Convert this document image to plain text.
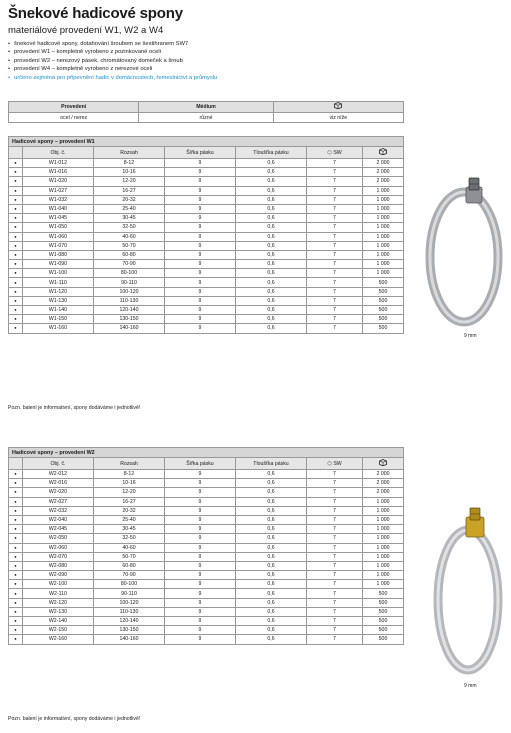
Šnekové hadicové spony
materiálové provedení W1, W2 a W4
• šnekové hadicové spony, dotahování šroubem se šestihranem SW7
• provedení W1 – kompletně vyrobeno z pozinkované oceli
• provedení W2 – nerezový pásek, chromátovaný domeček a šroub
• provedení W4 – kompletně vyrobeno z nerezové oceli
• určeno zejména pro připevnění hadic v domácnostech, řemeslnictví a průmyslu
Provedení	Médium	
ocel / nerez	různé	viz níže
Hadicové spony – provedení W1						
	Obj. č.	Rozsah	Šířka pásku	Tloušťka pásku	⬡ SW	
●	W1-012	8-12	9	0,6	7	2 000
●	W1-016	10-16	9	0,6	7	2 000
●	W1-020	12-20	9	0,6	7	2 000
●	W1-027	16-27	9	0,6	7	1 000
●	W1-032	20-32	9	0,6	7	1 000
●	W1-040	25-40	9	0,6	7	1 000
●	W1-045	30-45	9	0,6	7	1 000
●	W1-050	32-50	9	0,6	7	1 000
●	W1-060	40-60	9	0,6	7	1 000
●	W1-070	50-70	9	0,6	7	1 000
●	W1-080	60-80	9	0,6	7	1 000
●	W1-090	70-90	9	0,6	7	1 000
●	W1-100	80-100	9	0,6	7	1 000
●	W1-110	90-110	9	0,6	7	500
●	W1-120	100-120	9	0,6	7	500
●	W1-130	110-130	9	0,6	7	500
●	W1-140	120-140	9	0,6	7	500
●	W1-150	130-150	9	0,6	7	500
●	W1-160	140-160	9	0,6	7	500
Pozn. balení je informativní, spony dodáváme i jednotlivě!
Hadicové spony – provedení W2						
	Obj. č.	Rozsah	Šířka pásku	Tloušťka pásku	⬡ SW	
●	W2-012	8-12	9	0,6	7	2 000
●	W2-016	10-16	9	0,6	7	2 000
●	W2-020	12-20	9	0,6	7	2 000
●	W2-027	16-27	9	0,6	7	1 000
●	W2-032	20-32	9	0,6	7	1 000
●	W2-040	25-40	9	0,6	7	1 000
●	W2-045	30-45	9	0,6	7	1 000
●	W2-050	32-50	9	0,6	7	1 000
●	W2-060	40-60	9	0,6	7	1 000
●	W2-070	50-70	9	0,6	7	1 000
●	W2-080	60-80	9	0,6	7	1 000
●	W2-090	70-90	9	0,6	7	1 000
●	W2-100	80-100	9	0,6	7	1 000
●	W2-110	90-110	9	0,6	7	500
●	W2-120	100-120	9	0,6	7	500
●	W2-130	110-130	9	0,6	7	500
●	W2-140	120-140	9	0,6	7	500
●	W2-150	130-150	9	0,6	7	500
●	W2-160	140-160	9	0,6	7	500
Pozn. balení je informativní, spony dodáváme i jednotlivě!
9 mm
9 mm
